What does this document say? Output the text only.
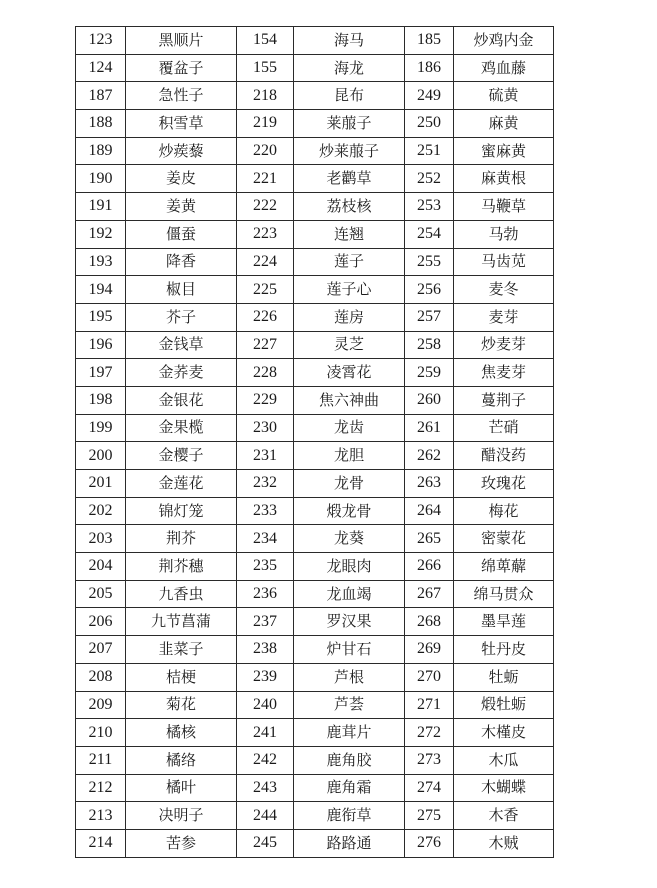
123	黑顺片	154	海马	185	炒鸡内金
124	覆盆子	155	海龙	186	鸡血藤
187	急性子	218	昆布	249	硫黄
188	积雪草	219	莱菔子	250	麻黄
189	炒蒺藜	220	炒莱菔子	251	蜜麻黄
190	姜皮	221	老鹳草	252	麻黄根
191	姜黄	222	荔枝核	253	马鞭草
192	僵蚕	223	连翘	254	马勃
193	降香	224	莲子	255	马齿苋
194	椒目	225	莲子心	256	麦冬
195	芥子	226	莲房	257	麦芽
196	金钱草	227	灵芝	258	炒麦芽
197	金荞麦	228	凌霄花	259	焦麦芽
198	金银花	229	焦六神曲	260	蔓荆子
199	金果榄	230	龙齿	261	芒硝
200	金樱子	231	龙胆	262	醋没药
201	金莲花	232	龙骨	263	玫瑰花
202	锦灯笼	233	煅龙骨	264	梅花
203	荆芥	234	龙葵	265	密蒙花
204	荆芥穗	235	龙眼肉	266	绵萆薢
205	九香虫	236	龙血竭	267	绵马贯众
206	九节菖蒲	237	罗汉果	268	墨旱莲
207	韭菜子	238	炉甘石	269	牡丹皮
208	桔梗	239	芦根	270	牡蛎
209	菊花	240	芦荟	271	煅牡蛎
210	橘核	241	鹿茸片	272	木槿皮
211	橘络	242	鹿角胶	273	木瓜
212	橘叶	243	鹿角霜	274	木蝴蝶
213	决明子	244	鹿衔草	275	木香
214	苦参	245	路路通	276	木贼
